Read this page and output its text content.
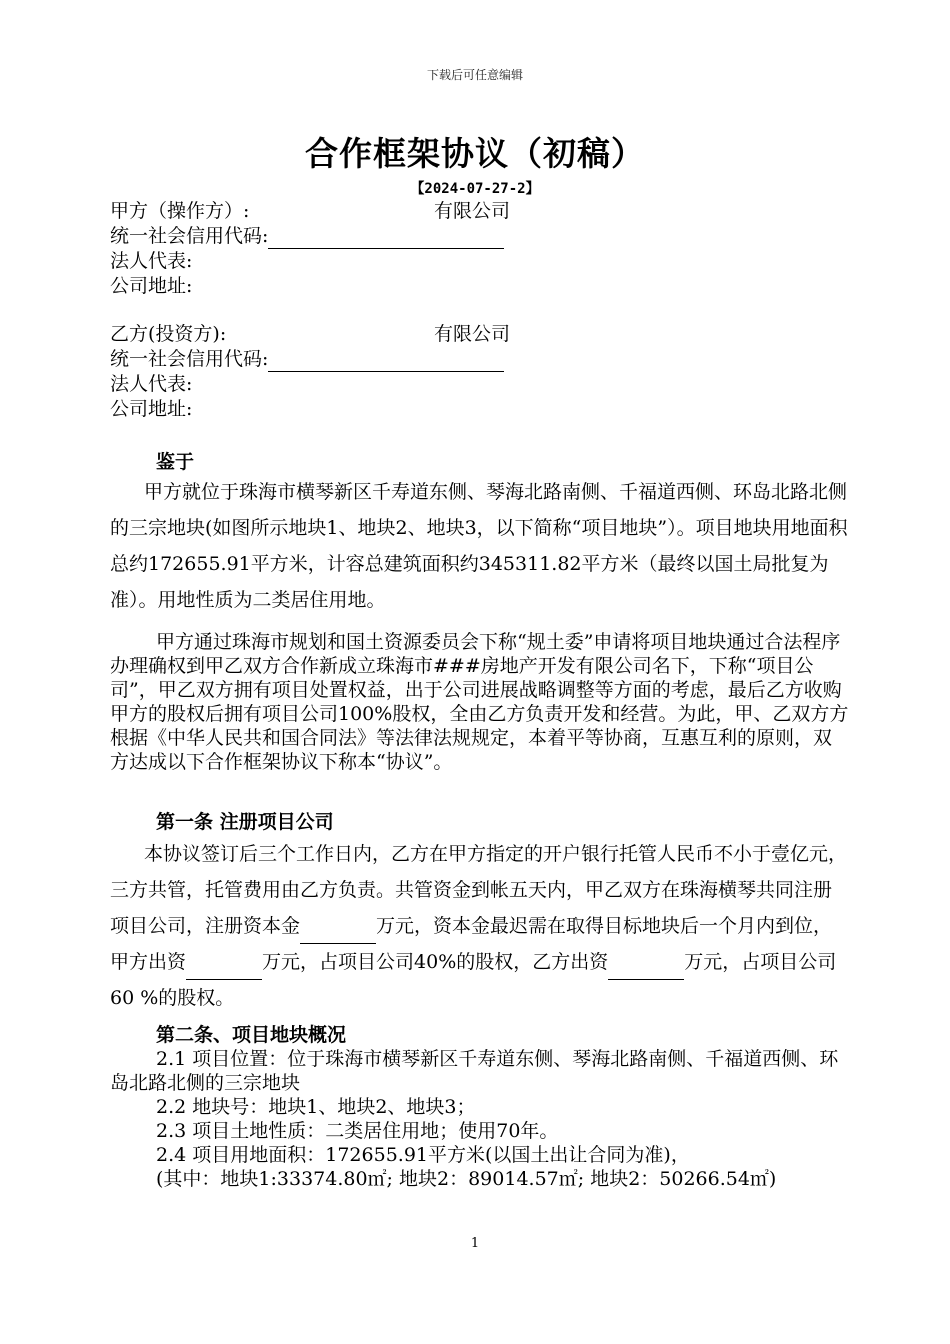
下载后可任意编辑
合作框架协议（初稿）
【2024-07-27-2】
甲方（操作方）:	有限公司
统一社会信用代码:
法人代表:
公司地址:
乙方(投资方):	有限公司
统一社会信用代码:
法人代表:
公司地址:
鉴于
甲方就位于珠海市横琴新区千寿道东侧、琴海北路南侧、千福道西侧、环岛北路北侧的三宗地块(如图所示地块1、地块2、地块3，以下简称“项目地块”）。项目地块用地面积总约172655.91平方米，计容总建筑面积约345311.82平方米（最终以国土局批复为准）。用地性质为二类居住用地。
甲方通过珠海市规划和国土资源委员会下称“规土委”申请将项目地块通过合法程序办理确权到甲乙双方合作新成立珠海市###房地产开发有限公司名下，下称“项目公司”，甲乙双方拥有项目处置权益，出于公司进展战略调整等方面的考虑，最后乙方收购甲方的股权后拥有项目公司100%股权，全由乙方负责开发和经营。为此，甲、乙双方方根据《中华人民共和国合同法》等法律法规规定，本着平等协商，互惠互利的原则，双方达成以下合作框架协议下称本“协议”。
第一条 注册项目公司
本协议签订后三个工作日内，乙方在甲方指定的开户银行托管人民币不小于壹亿元，三方共管，托管费用由乙方负责。共管资金到帐五天内，甲乙双方在珠海横琴共同注册项目公司，注册资本金	万元，资本金最迟需在取得目标地块后一个月内到位，甲方出资	万元，占项目公司40%的股权，乙方出资	万元，占项目公司 60 %的股权。
第二条、项目地块概况
2.1 项目位置：位于珠海市横琴新区千寿道东侧、琴海北路南侧、千福道西侧、环岛北路北侧的三宗地块
2.2 地块号：地块1、地块2、地块3；
2.3 项目土地性质：二类居住用地；使用70年。
2.4 项目用地面积：172655.91平方米(以国土出让合同为准)，
(其中：地块1:33374.80㎡; 地块2：89014.57㎡; 地块2：50266.54㎡)
1
